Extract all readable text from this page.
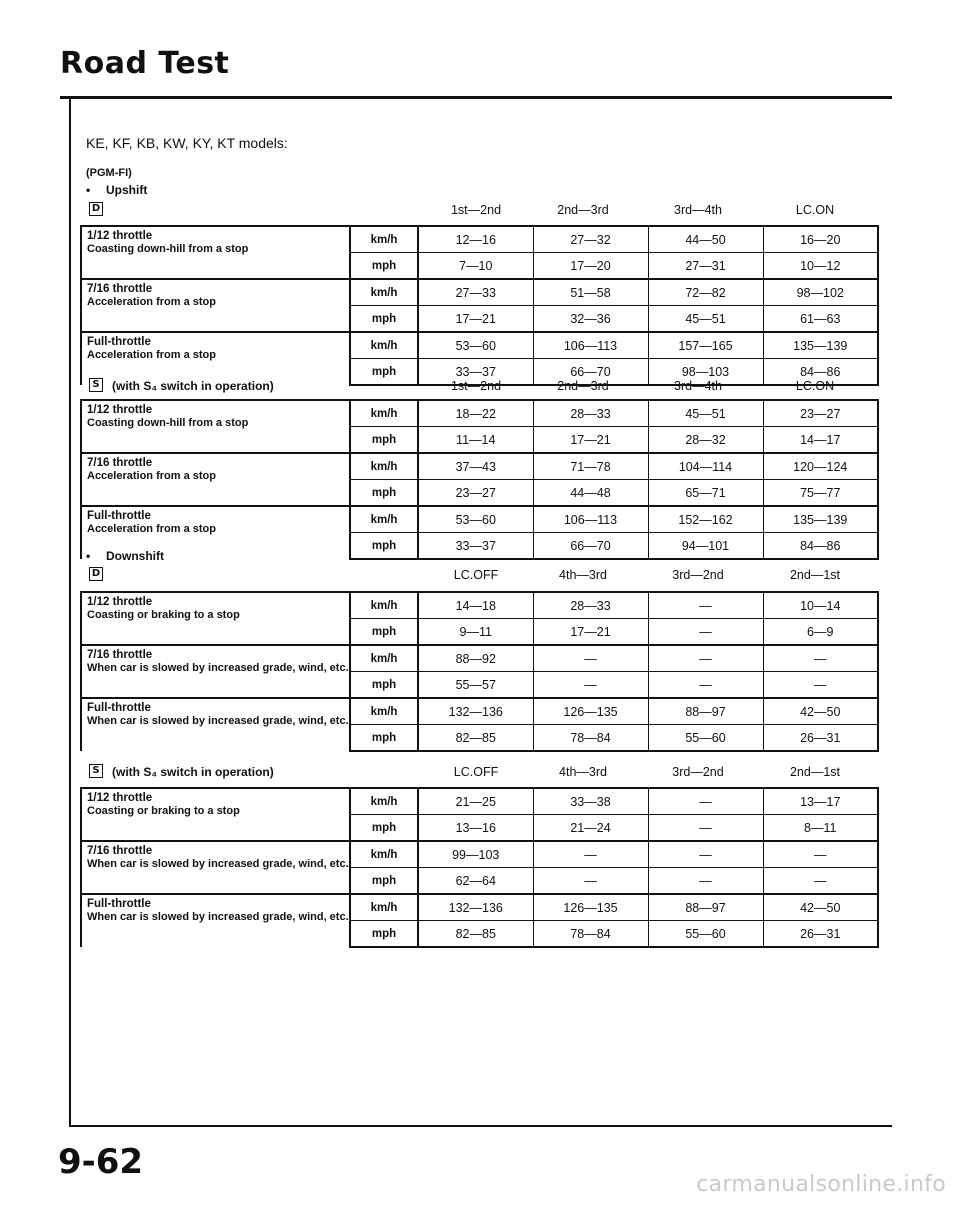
Road Test
KE, KF, KB, KW, KY, KT models:
(PGM-FI)
• Upshift
• Downshift
D	1st—2nd	2nd—3rd	3rd—4th	LC.ON
1/12 throttle
Coasting down-hill from a stop	km/h	12—16	27—32	44—50	16—20
	mph	7—10	17—20	27—31	10—12

7/16 throttle
Acceleration from a stop	km/h	27—33	51—58	72—82	98—102
	mph	17—21	32—36	45—51	61—63

Full-throttle
Acceleration from a stop	km/h	53—60	106—113	157—165	135—139
	mph	33—37	66—70	98—103	84—86
S (with S₄ switch in operation)	1st—2nd	2nd—3rd	3rd—4th	LC.ON
1/12 throttle
Coasting down-hill from a stop	km/h	18—22	28—33	45—51	23—27
	mph	11—14	17—21	28—32	14—17

7/16 throttle
Acceleration from a stop	km/h	37—43	71—78	104—114	120—124
	mph	23—27	44—48	65—71	75—77

Full-throttle
Acceleration from a stop	km/h	53—60	106—113	152—162	135—139
	mph	33—37	66—70	94—101	84—86
D	LC.OFF	4th—3rd	3rd—2nd	2nd—1st
1/12 throttle
Coasting or braking to a stop	km/h	14—18	28—33	—	10—14
	mph	9—11	17—21	—	6—9

7/16 throttle
When car is slowed by increased grade, wind, etc.	km/h	88—92	—	—	—
	mph	55—57	—	—	—

Full-throttle
When car is slowed by increased grade, wind, etc.	km/h	132—136	126—135	88—97	42—50
	mph	82—85	78—84	55—60	26—31
S (with S₄ switch in operation)	LC.OFF	4th—3rd	3rd—2nd	2nd—1st
1/12 throttle
Coasting or braking to a stop	km/h	21—25	33—38	—	13—17
	mph	13—16	21—24	—	8—11

7/16 throttle
When car is slowed by increased grade, wind, etc.	km/h	99—103	—	—	—
	mph	62—64	—	—	—

Full-throttle
When car is slowed by increased grade, wind, etc.	km/h	132—136	126—135	88—97	42—50
	mph	82—85	78—84	55—60	26—31
9-62
carmanualsonline.info
